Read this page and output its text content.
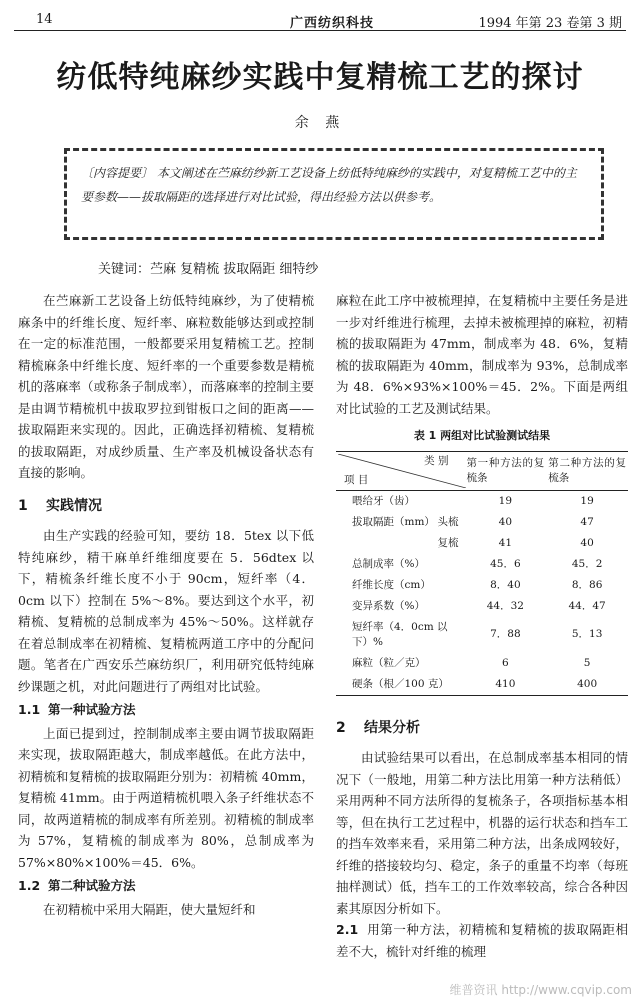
14	广西纺织科技	1994 年第 23 卷第 3 期
纺低特纯麻纱实践中复精梳工艺的探讨
余 燕
〔内容提要〕 本文阐述在苎麻纺纱新工艺设备上纺低特纯麻纱的实践中，对复精梳工艺中的主要参数——拔取隔距的选择进行对比试验，得出经验方法以供参考。
关键词：苎麻 复精梳 拔取隔距 细特纱

在苎麻新工艺设备上纺低特纯麻纱，为了使精梳麻条中的纤维长度、短纤率、麻粒数能够达到或控制在一定的标准范围，一般都要采用复精梳工艺。控制精梳麻条中纤维长度、短纤率的一个重要参数是精梳机的落麻率（或称条子制成率），而落麻率的控制主要是由调节精梳机中拔取罗拉到钳板口之间的距离——拔取隔距来实现的。因此，正确选择初精梳、复精梳的拔取隔距，对成纱质量、生产率及机械设备状态有直接的影响。

1 实践情况

由生产实践的经验可知，要纺 18．5tex 以下低特纯麻纱，精干麻单纤维细度要在 5．56dtex 以下，精梳条纤维长度不小于 90cm，短纤率（4．0cm 以下）控制在 5%～8%。要达到这个水平，初精梳、复精梳的总制成率为 45%～50%。这样就存在着总制成率在初精梳、复精梳两道工序中的分配问题。笔者在广西安乐苎麻纺织厂，利用研究低特纯麻纱课题之机，对此问题进行了两组对比试验。

1.1 第一种试验方法

上面已提到过，控制制成率主要由调节拔取隔距来实现，拔取隔距越大，制成率越低。在此方法中，初精梳和复精梳的拔取隔距分别为：初精梳 40mm，复精梳 41mm。由于两道精梳机喂入条子纤维状态不同，故两道精梳的制成率有所差别。初精梳的制成率为 57%，复精梳的制成率为 80%，总制成率为 57%×80%×100%＝45．6%。

1.2 第二种试验方法

在初精梳中采用大隔距，使大量短纤和

麻粒在此工序中被梳理掉，在复精梳中主要任务是进一步对纤维进行梳理，去掉未被梳理掉的麻粒，初精梳的拔取隔距为 47mm，制成率为 48．6%，复精梳的拔取隔距为 40mm，制成率为 93%，总制成率为 48．6%×93%×100%＝45．2%。下面是两组对比试验的工艺及测试结果。

表 1 两组对比试验测试结果
类 别
项 目	第一种方法的复梳条	第二种方法的复梳条
喂给牙（齿）	19	19
拔取隔距（mm） 头梳	40	47

复梳	41	40
总制成率（%）	45．6	45．2
纤维长度（cm）	8．40	8．86
变异系数（%）	44．32	44．47
短纤率（4．0cm 以下）%	7．88	5．13
麻粒（粒／克）	6	5
硬条（根／100 克）	410	400
2 结果分析

由试验结果可以看出，在总制成率基本相同的情况下（一般地，用第二种方法比用第一种方法稍低）采用两种不同方法所得的复梳条子，各项指标基本相等，但在执行工艺过程中，机器的运行状态和挡车工的挡车效率来看，采用第二种方法，出条成网较好，纤维的搭接较均匀、稳定，条子的重量不均率（每班抽样测试）低，挡车工的工作效率较高，综合各种因素其原因分析如下。

2.1 用第一种方法，初精梳和复精梳的拔取隔距相差不大，梳针对纤维的梳理

维普资讯 http://www.cqvip.com
